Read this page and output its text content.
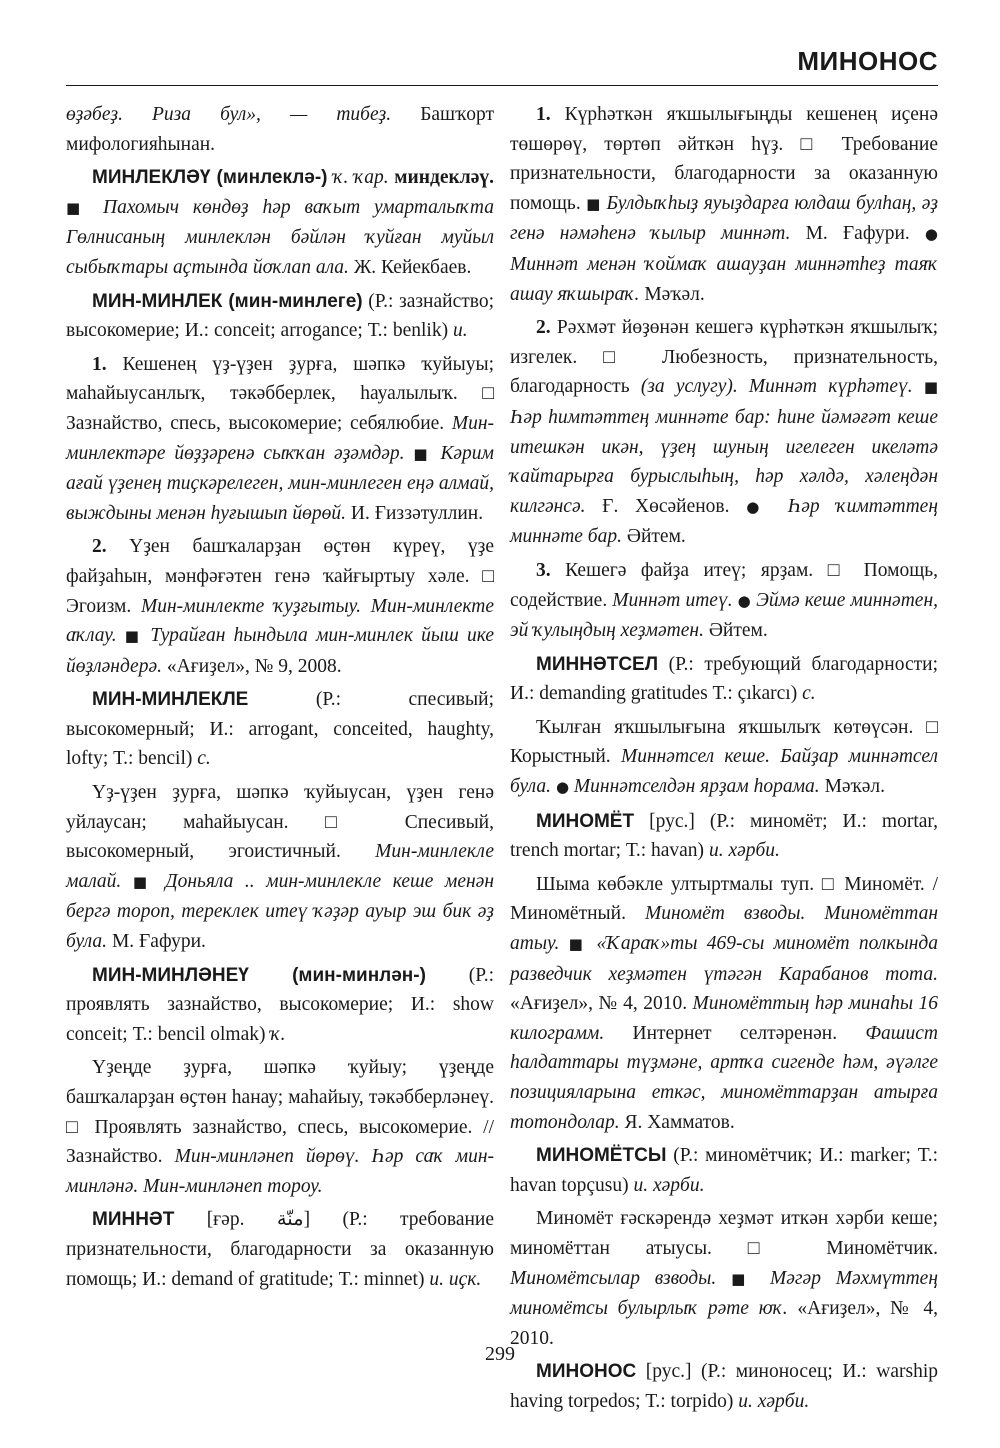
МИНОНОС

өҙәбеҙ. Риза бул», — тибеҙ. Башҡорт мифологияһынан.

МИНЛЕКЛӘҮ (минлеклә-) ҡ. ҡар. миндекләү. ■ Пахомыч көндөҙ һәр ваҡыт умарталыҡта Гөлнисаның минлеклән бәйлән ҡуйған муйыл сыбыҡтары аҫтында йоҡлап ала. Ж. Кейекбаев.

МИН-МИНЛЕК (мин-минлеге) (Р.: зазнайство; высокомерие; И.: conceit; arrogance; Т.: benlik) и.

1. Кешенең үҙ-үҙен ҙурға, шәпкә ҡуйыуы; маһайыусанлыҡ, тәкәбберлек, һауалылыҡ. □ Зазнайство, спесь, высокомерие; себялюбие. Мин-минлектәре йөҙҙәренә сыҡҡан әҙәмдәр. ■ Кәрим ағай үҙенең тиҫкәрелеген, мин-минлеген еңә алмай, выждыны менән һуғышып йөрөй. И. Ғиззәтуллин.

2. Үҙен башҡаларҙан өҫтөн күреү, үҙе файҙаһын, мәнфәғәтен генә ҡайғыртыу хәле. □ Эгоизм. Мин-минлекте ҡуҙғытыу. Мин-минлекте аҡлау. ■ Турайған һындыла мин-минлек йыш ике йөҙләндерә. «Ағиҙел», № 9, 2008.

МИН-МИНЛЕКЛЕ (Р.: спесивый; высокомерный; И.: arrogant, conceited, haughty, lofty; Т.: bencil) с.

Үҙ-үҙен ҙурға, шәпкә ҡуйыусан, үҙен генә уйлаусан; маһайыусан. □ Спесивый, высокомерный, эгоистичный. Мин-минлекле малай. ■ Доньяла .. мин-минлекле кеше менән бергә тороп, тереклек итеү ҡәҙәр ауыр эш бик әҙ була. М. Ғафури.

МИН-МИНЛӘНЕҮ (мин-минлән-) (Р.: проявлять зазнайство, высокомерие; И.: show conceit; Т.: bencil olmak) ҡ.

Үҙеңде ҙурға, шәпкә ҡуйыу; үҙеңде башҡаларҙан өҫтөн һанау; маһайыу, тәкәбберләнеү. □ Проявлять зазнайство, спесь, высокомерие. // Зазнайство. Мин-минләнеп йөрөү. Һәр саҡ мин-минләнә. Мин-минләнеп тороу.

МИННӘТ [ғәр. منّة] (Р.: требование признательности, благодарности за оказанную помощь; И.: demand of gratitude; Т.: minnet) и. иҫк.

1. Күрһәткән яҡшылығыңды кешенең иҫенә төшөрөү, төртөп әйткән һүҙ. □ Требование признательности, благодарности за оказанную помощь. ■ Булдыҡһыҙ яуыҙдарға юлдаш булһаң, әҙ генә нәмәһенә ҡылыр миннәт. М. Ғафури. ● Миннәт менән ҡоймаҡ ашауҙан миннәтһеҙ таяҡ ашау яҡшыраҡ. Мәҡәл.

2. Рәхмәт йөҙөнән кешегә күрһәткән яҡшылыҡ; изгелек. □ Любезность, признательность, благодарность (за услугу). Миннәт күрһәтеү. ■ Һәр һимməттең миннәте бар: һине йәмәғәт кеше итешкән икән, үҙең шуның игелеген икеләтә ҡайтарырға бурыслыһың, һәр хәлдә, хәлеңдән килгәнсә. Ғ. Хөсәйенов. ● Һәр ҡимməттең миннәте бар. Әйтем.

3. Кешегә файҙа итеү; ярҙам. □ Помощь, содействие. Миннәт итеү. ● Эймә кеше миннәтен, эй ҡулыңдың хеҙмәтен. Әйтем.

МИННӘТСЕЛ (Р.: требующий благодарности; И.: demanding gratitudes Т.: çıkarcı) с.

Ҡылған яҡшылығына яҡшылыҡ көтөүсән. □ Корыстный. Миннәтсел кеше. Байҙар миннәтсел була. ● Миннәтселдән ярҙам һорама. Мәҡәл.

МИНОМЁТ [рус.] (Р.: миномёт; И.: mortar, trench mortar; Т.: havan) и. хәрби.

Шыма көбәкле ултыртмалы туп. □ Миномёт. / Миномётный. Миномёт взводы. Миномёттан атыу. ■ «Ҡараҡ»ты 469-сы миномёт полкында разведчик хеҙмәтен үтәгән Карабанов тота. «Ағиҙел», № 4, 2010. Миномёттың һәр минаһы 16 килограмм. Интернет селтәренән. Фашист һалдаттары түҙмәне, артҡа сигенде һәм, әүәлге позицияларына еткәс, миномёттарҙан атырға тотондолар. Я. Хамматов.

МИНОМЁТСЫ (Р.: миномётчик; И.: marker; Т.: havan topçusu) и. хәрби.

Миномёт ғәскәрендә хеҙмәт иткән хәрби кеше; миномёттан атыусы. □ Миномётчик. Миномётсылар взводы. ■ Мәгәр Мәхмүттең миномётсы булырлыҡ рәте юҡ. «Ағиҙел», № 4, 2010.

МИНОНОС [рус.] (Р.: миноносец; И.: warship having torpedos; Т.: torpido) и. хәрби.

299
